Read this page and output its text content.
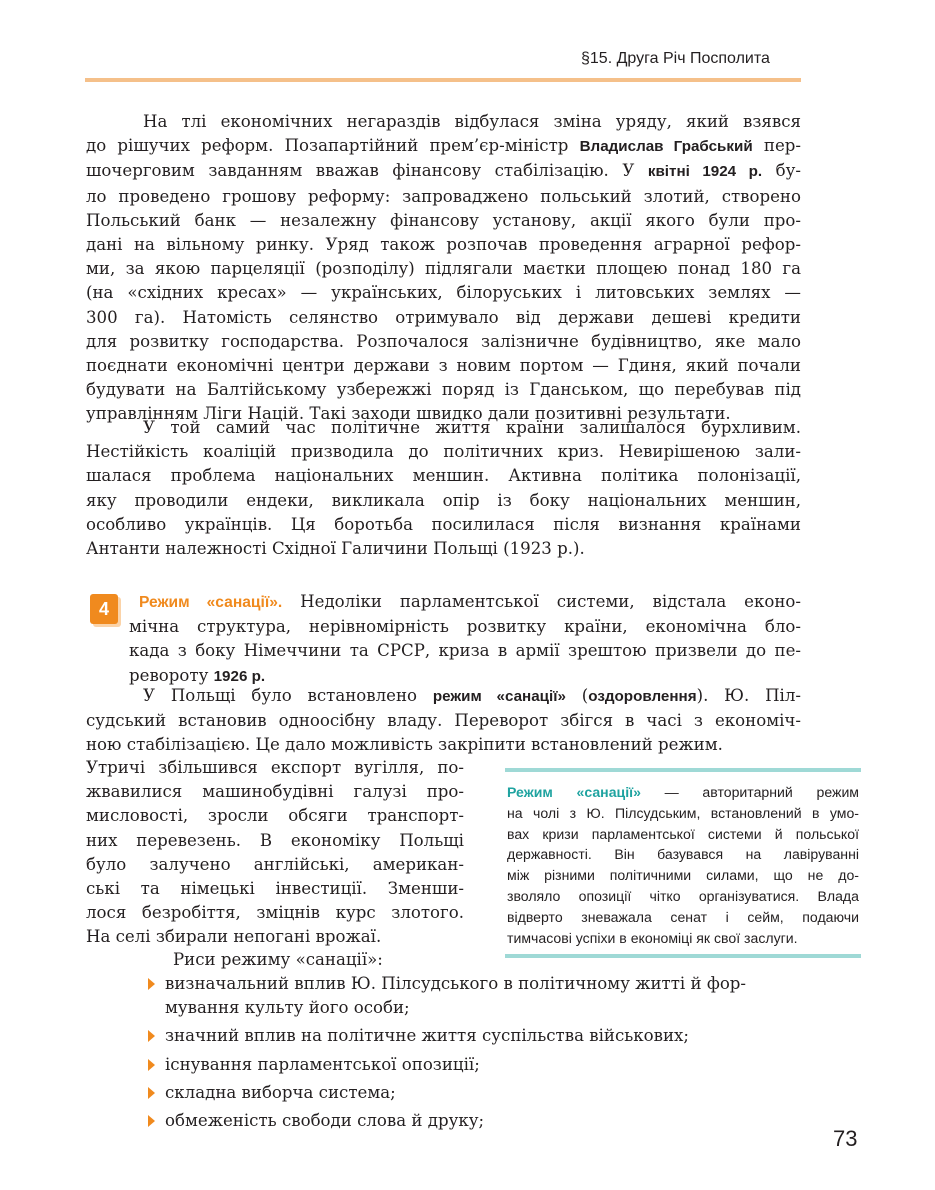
§15. Друга Річ Посполита
На тлі економічних негараздів відбулася зміна уряду, який взявся
до рішучих реформ. Позапартійний прем’єр-міністр Владислав Грабський пер-
шочерговим завданням вважав фінансову стабілізацію. У квітні 1924 р. бу-
ло проведено грошову реформу: запроваджено польський злотий, створено
Польський банк — незалежну фінансову установу, акції якого були про-
дані на вільному ринку. Уряд також розпочав проведення аграрної рефор-
ми, за якою парцеляції (розподілу) підлягали маєтки площею понад 180 га
(на «східних кресах» — українських, білоруських і литовських землях —
300 га). Натомість селянство отримувало від держави дешеві кредити
для розвитку господарства. Розпочалося залізничне будівництво, яке мало
поєднати економічні центри держави з новим портом — Гдиня, який почали
будувати на Балтійському узбережжі поряд із Гданськом, що перебував під
управлінням Ліги Націй. Такі заходи швидко дали позитивні результати.
У той самий час політичне життя країни залишалося бурхливим.
Нестійкість коаліцій призводила до політичних криз. Невирішеною зали-
шалася проблема національних меншин. Активна політика полонізації,
яку проводили ендеки, викликала опір із боку національних меншин,
особливо українців. Ця боротьба посилилася після визнання країнами
Антанти належності Східної Галичини Польщі (1923 р.).
4	Режим «санації». Недоліки парламентської системи, відстала еконо-
мічна структура, нерівномірність розвитку країни, економічна бло-
када з боку Німеччини та СРСР, криза в армії зрештою призвели до пе-
ревороту 1926 р.
У Польщі було встановлено режим «санації» (оздоровлення). Ю. Піл-
судський встановив одноосібну владу. Переворот збігся в часі з економіч-
ною стабілізацією. Це дало можливість закріпити встановлений режим.
Утричі збільшився експорт вугілля, по-
жвавилися машинобудівні галузі про-
мисловості, зросли обсяги транспорт-
них перевезень. В економіку Польщі
було залучено англійські, американ-
ські та німецькі інвестиції. Зменши-
лося безробіття, зміцнів курс злотого.
На селі збирали непогані врожаї.
Режим «санації» — авторитарний режим
на чолі з Ю. Пілсудським, встановлений в умо-
вах кризи парламентської системи й польської
державності. Він базувався на лавіруванні
між різними політичними силами, що не до-
зволяло опозиції чітко організуватися. Влада
відверто зневажала сенат і сейм, подаючи
тимчасові успіхи в економіці як свої заслуги.
Риси режиму «санації»:
визначальний вплив Ю. Пілсудського в політичному житті й фор-
мування культу його особи;
значний вплив на політичне життя суспільства військових;
існування парламентської опозиції;
складна виборча система;
обмеженість свободи слова й друку;
73
